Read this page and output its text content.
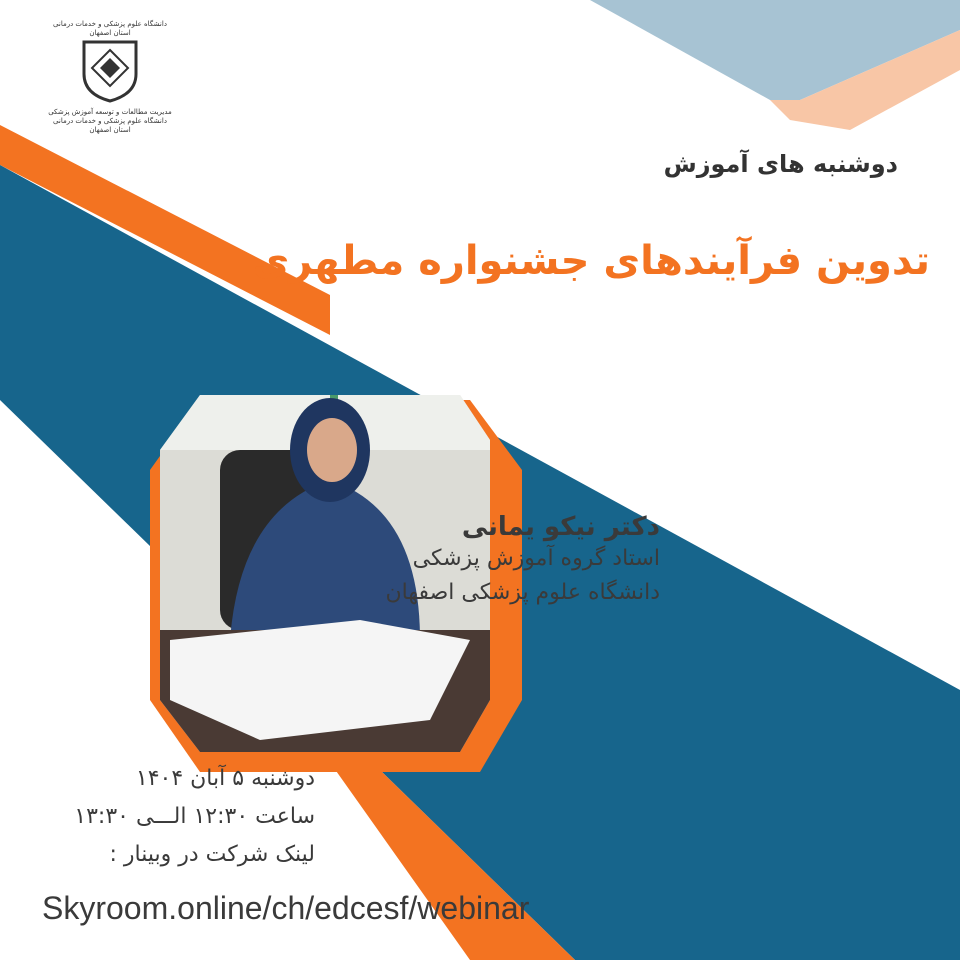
دانشگاه علوم پزشکی و خدمات درمانی استان اصفهان
مدیریت مطالعات و توسعه آموزش پزشکی
دانشگاه علوم پزشکی و خدمات درمانی استان اصفهان
دوشنبه های آموزش
تدوین فرآیندهای جشنواره مطهری
دکتر نیکو یمانی
استاد گروه آموزش پزشکی
دانشگاه علوم پزشکی اصفهان
دوشنبه ۵ آبان ۱۴۰۴
ساعت ۱۲:۳۰ الـــی ۱۳:۳۰
لینک شرکت در وبینار :
Skyroom.online/ch/edcesf/webinar
